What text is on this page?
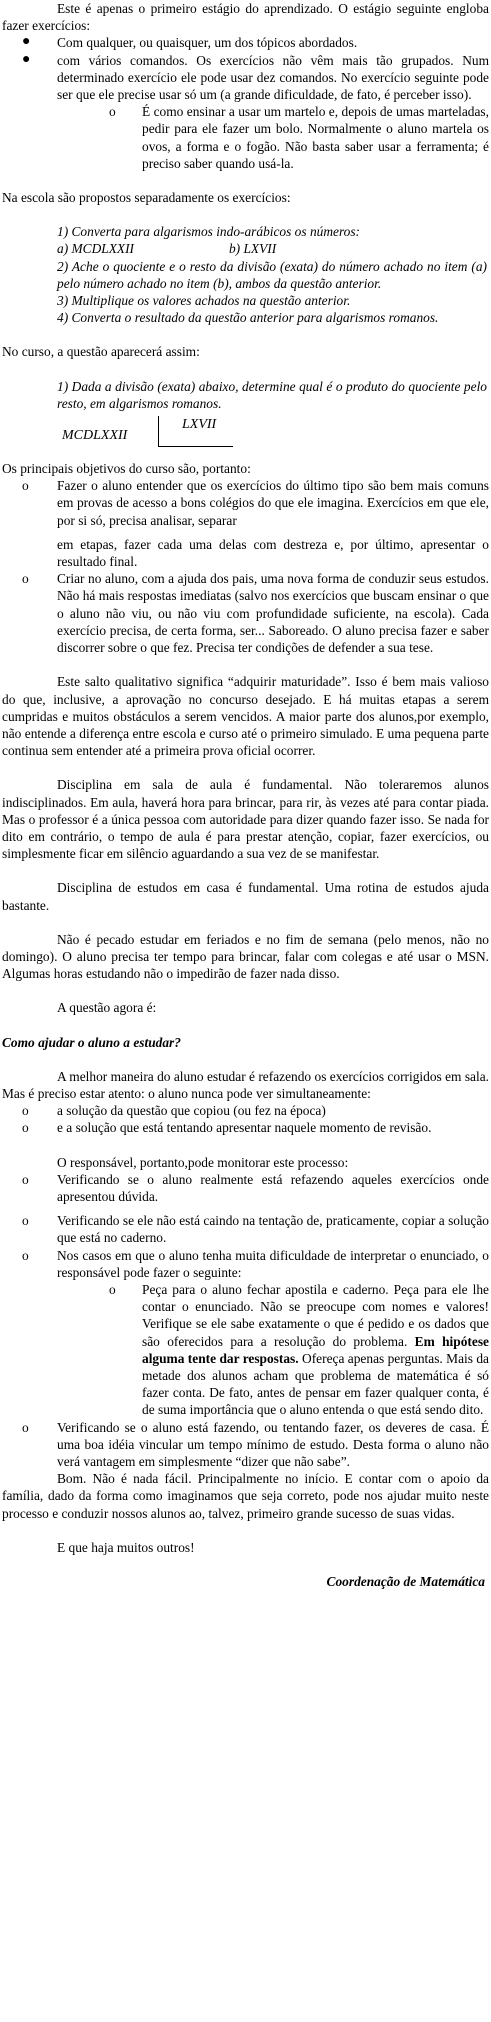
Este é apenas o primeiro estágio do aprendizado. O estágio seguinte engloba fazer exercícios:

● Com qualquer, ou quaisquer, um dos tópicos abordados.
● com vários comandos. Os exercícios não vêm mais tão grupados. Num determinado exercício ele pode usar dez comandos. No exercício seguinte pode ser que ele precise usar só um (a grande dificuldade, de fato, é perceber isso).
o É como ensinar a usar um martelo e, depois de umas marteladas, pedir para ele fazer um bolo. Normalmente o aluno martela os ovos, a forma e o fogão. Não basta saber usar a ferramenta; é preciso saber quando usá-la.

Na escola são propostos separadamente os exercícios:

1) Converta para algarismos indo-arábicos os números:

a) MCDLXXII	b) LXVII

2) Ache o quociente e o resto da divisão (exata) do número achado no item (a) pelo número achado no item (b), ambos da questão anterior.

3) Multiplique os valores achados na questão anterior.

4) Converta o resultado da questão anterior para algarismos romanos.

No curso, a questão aparecerá assim:

1) Dada a divisão (exata) abaixo, determine qual é o produto do quociente pelo resto, em algarismos romanos.
MCDLXXII
LXVII

Os principais objetivos do curso são, portanto:

o Fazer o aluno entender que os exercícios do último tipo são bem mais comuns em provas de acesso a bons colégios do que ele imagina. Exercícios em que ele, por si só, precisa analisar, separar
em etapas, fazer cada uma delas com destreza e, por último, apresentar o resultado final.
o Criar no aluno, com a ajuda dos pais, uma nova forma de conduzir seus estudos. Não há mais respostas imediatas (salvo nos exercícios que buscam ensinar o que o aluno não viu, ou não viu com profundidade suficiente, na escola). Cada exercício precisa, de certa forma, ser... Saboreado. O aluno precisa fazer e saber discorrer sobre o que fez. Precisa ter condições de defender a sua tese.

Este salto qualitativo significa “adquirir maturidade”. Isso é bem mais valioso do que, inclusive, a aprovação no concurso desejado. E há muitas etapas a serem cumpridas e muitos obstáculos a serem vencidos. A maior parte dos alunos,por exemplo, não entende a diferença entre escola e curso até o primeiro simulado. E uma pequena parte continua sem entender até a primeira prova oficial ocorrer.

Disciplina em sala de aula é fundamental. Não toleraremos alunos indisciplinados. Em aula, haverá hora para brincar, para rir, às vezes até para contar piada. Mas o professor é a única pessoa com autoridade para dizer quando fazer isso. Se nada for dito em contrário, o tempo de aula é para prestar atenção, copiar, fazer exercícios, ou simplesmente ficar em silêncio aguardando a sua vez de se manifestar.

Disciplina de estudos em casa é fundamental. Uma rotina de estudos ajuda bastante.

Não é pecado estudar em feriados e no fim de semana (pelo menos, não no domingo). O aluno precisa ter tempo para brincar, falar com colegas e até usar o MSN. Algumas horas estudando não o impedirão de fazer nada disso.

A questão agora é:

Como ajudar o aluno a estudar?

A melhor maneira do aluno estudar é refazendo os exercícios corrigidos em sala. Mas é preciso estar atento: o aluno nunca pode ver simultaneamente:

o a solução da questão que copiou (ou fez na época)
o e a solução que está tentando apresentar naquele momento de revisão.

O responsável, portanto,pode monitorar este processo:

o Verificando se o aluno realmente está refazendo aqueles exercícios onde apresentou dúvida.
o Verificando se ele não está caindo na tentação de, praticamente, copiar a solução que está no caderno.
o Nos casos em que o aluno tenha muita dificuldade de interpretar o enunciado, o responsável pode fazer o seguinte:
o Peça para o aluno fechar apostila e caderno. Peça para ele lhe contar o enunciado. Não se preocupe com nomes e valores! Verifique se ele sabe exatamente o que é pedido e os dados que são oferecidos para a resolução do problema. Em hipótese alguma tente dar respostas. Ofereça apenas perguntas. Mais da metade dos alunos acham que problema de matemática é só fazer conta. De fato, antes de pensar em fazer qualquer conta, é de suma importância que o aluno entenda o que está sendo dito.
o Verificando se o aluno está fazendo, ou tentando fazer, os deveres de casa. É uma boa idéia vincular um tempo mínimo de estudo. Desta forma o aluno não verá vantagem em simplesmente “dizer que não sabe”.

Bom. Não é nada fácil. Principalmente no início. E contar com o apoio da família, dado da forma como imaginamos que seja correto, pode nos ajudar muito neste processo e conduzir nossos alunos ao, talvez, primeiro grande sucesso de suas vidas.

E que haja muitos outros!

Coordenação de Matemática
